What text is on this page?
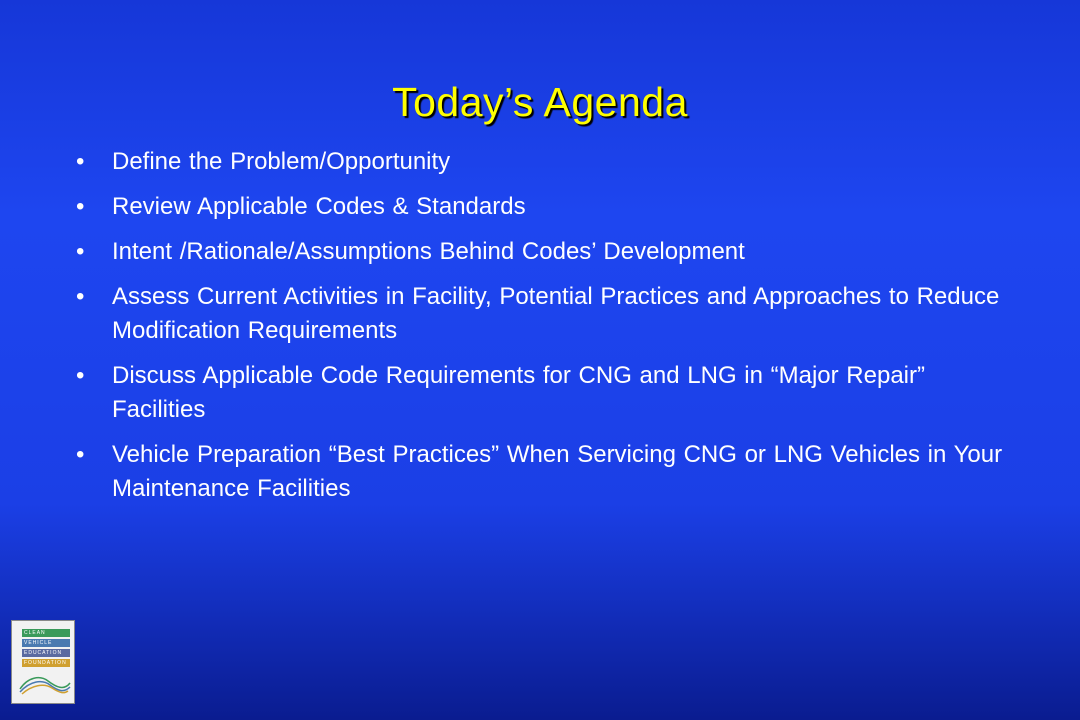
Today’s Agenda
• Define the Problem/Opportunity
• Review Applicable Codes & Standards
• Intent /Rationale/Assumptions Behind Codes’ Development
• Assess Current Activities in Facility, Potential Practices and Approaches to Reduce Modification Requirements
• Discuss Applicable Code Requirements for CNG and LNG in “Major Repair” Facilities
• Vehicle Preparation “Best Practices” When Servicing CNG or LNG Vehicles in Your Maintenance Facilities
CLEAN
VEHICLE
EDUCATION
FOUNDATION
